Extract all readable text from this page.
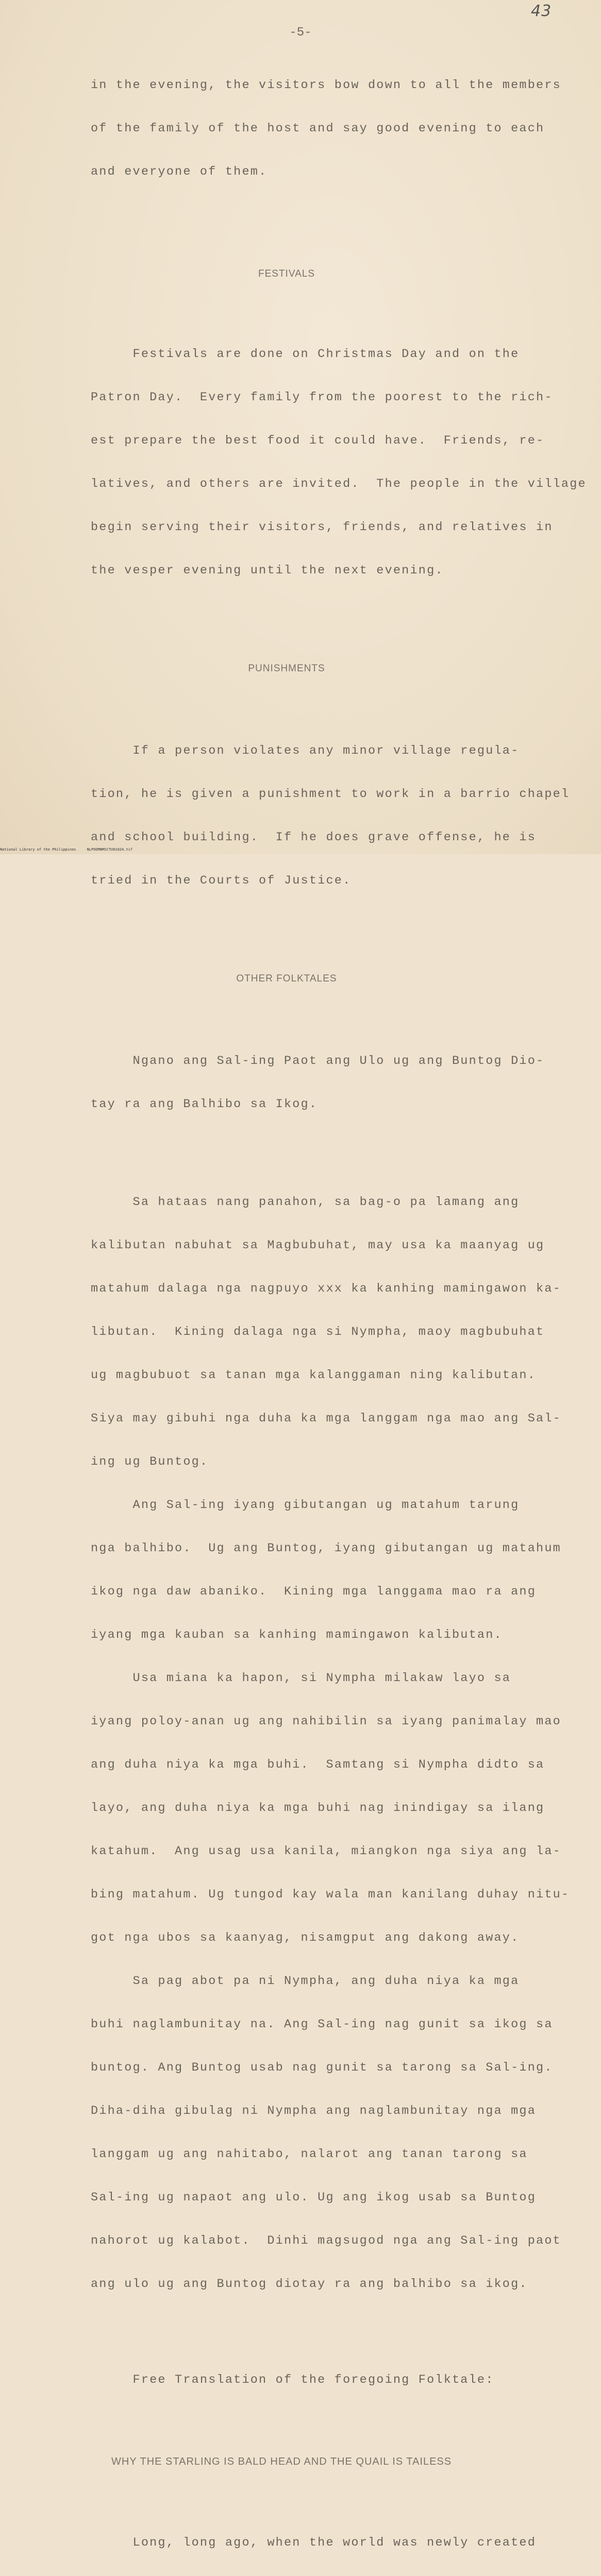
43
-5-

in the evening, the visitors bow down to all the members

of the family of the host and say good evening to each

and everyone of them.

FESTIVALS

Festivals are done on Christmas Day and on the

Patron Day.  Every family from the poorest to the rich-

est prepare the best food it could have.  Friends, re-

latives, and others are invited.  The people in the village

begin serving their visitors, friends, and relatives in

the vesper evening until the next evening.

PUNISHMENTS

If a person violates any minor village regula-

tion, he is given a punishment to work in a barrio chapel

and school building.  If he does grave offense, he is

tried in the Courts of Justice.

OTHER FOLKTALES

Ngano ang Sal-ing Paot ang Ulo ug ang Buntog Dio-

tay ra ang Balhibo sa Ikog.

Sa hataas nang panahon, sa bag-o pa lamang ang

kalibutan nabuhat sa Magbubuhat, may usa ka maanyag ug

matahum dalaga nga nagpuyo xxx ka kanhing mamingawon ka-

libutan.  Kining dalaga nga si Nympha, maoy magbubuhat

ug magbubuot sa tanan mga kalanggaman ning kalibutan.

Siya may gibuhi nga duha ka mga langgam nga mao ang Sal-

ing ug Buntog.

Ang Sal-ing iyang gibutangan ug matahum tarung

nga balhibo.  Ug ang Buntog, iyang gibutangan ug matahum

ikog nga daw abaniko.  Kining mga langgama mao ra ang

iyang mga kauban sa kanhing mamingawon kalibutan.

Usa miana ka hapon, si Nympha milakaw layo sa

iyang poloy-anan ug ang nahibilin sa iyang panimalay mao

ang duha niya ka mga buhi.  Samtang si Nympha didto sa

layo, ang duha niya ka mga buhi nag inindigay sa ilang

katahum.  Ang usag usa kanila, miangkon nga siya ang la-

bing matahum. Ug tungod kay wala man kanilang duhay nitu-

got nga ubos sa kaanyag, nisamgput ang dakong away.

Sa pag abot pa ni Nympha, ang duha niya ka mga

buhi naglambunitay na. Ang Sal-ing nag gunit sa ikog sa

buntog. Ang Buntog usab nag gunit sa tarong sa Sal-ing.

Diha-diha gibulag ni Nympha ang naglambunitay nga mga

langgam ug ang nahitabo, nalarot ang tanan tarong sa

Sal-ing ug napaot ang ulo. Ug ang ikog usab sa Buntog

nahorot ug kalabot.  Dinhi magsugod nga ang Sal-ing paot

ang ulo ug ang Buntog diotay ra ang balhibo sa ikog.

Free Translation of the foregoing Folktale:

WHY THE STARLING IS BALD HEAD AND THE QUAIL IS TAILESS

Long, long ago, when the world was newly created

National Library of the Philippines     NLPOOMNMSCTU01024.tif
